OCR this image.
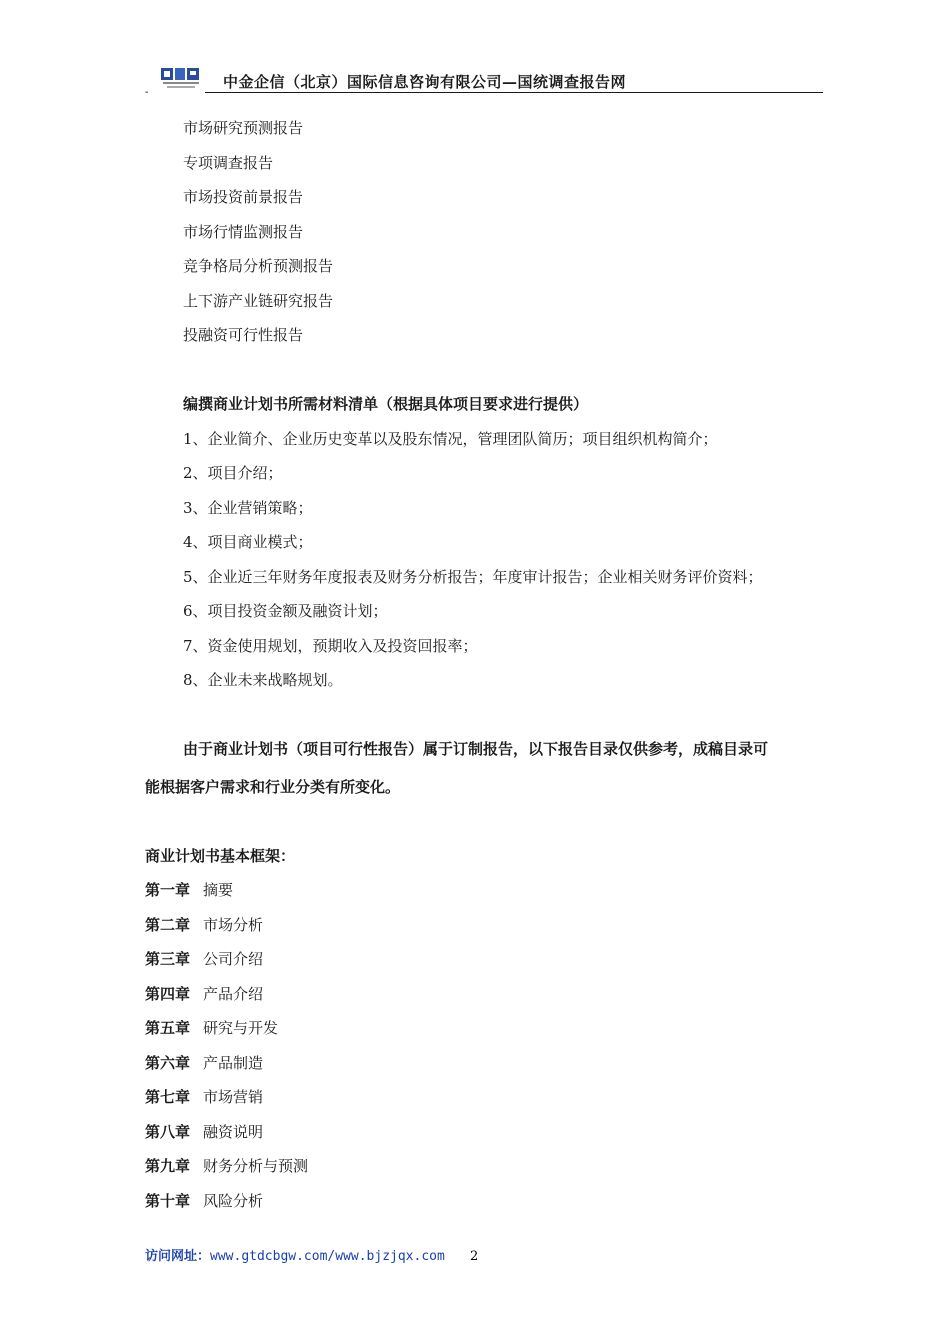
-
中金企信（北京）国际信息咨询有限公司—国统调查报告网
市场研究预测报告
专项调查报告
市场投资前景报告
市场行情监测报告
竞争格局分析预测报告
上下游产业链研究报告
投融资可行性报告
编撰商业计划书所需材料清单（根据具体项目要求进行提供）
1、企业简介、企业历史变革以及股东情况，管理团队简历；项目组织机构简介；
2、项目介绍；
3、企业营销策略；
4、项目商业模式；
5、企业近三年财务年度报表及财务分析报告；年度审计报告；企业相关财务评价资料；
6、项目投资金额及融资计划；
7、资金使用规划，预期收入及投资回报率；
8、企业未来战略规划。
由于商业计划书（项目可行性报告）属于订制报告，以下报告目录仅供参考，成稿目录可
能根据客户需求和行业分类有所变化。
商业计划书基本框架：
第一章 摘要
第二章 市场分析
第三章 公司介绍
第四章 产品介绍
第五章 研究与开发
第六章 产品制造
第七章 市场营销
第八章 融资说明
第九章 财务分析与预测
第十章 风险分析
访问网址：www.gtdcbgw.com/www.bjzjqx.com 2
